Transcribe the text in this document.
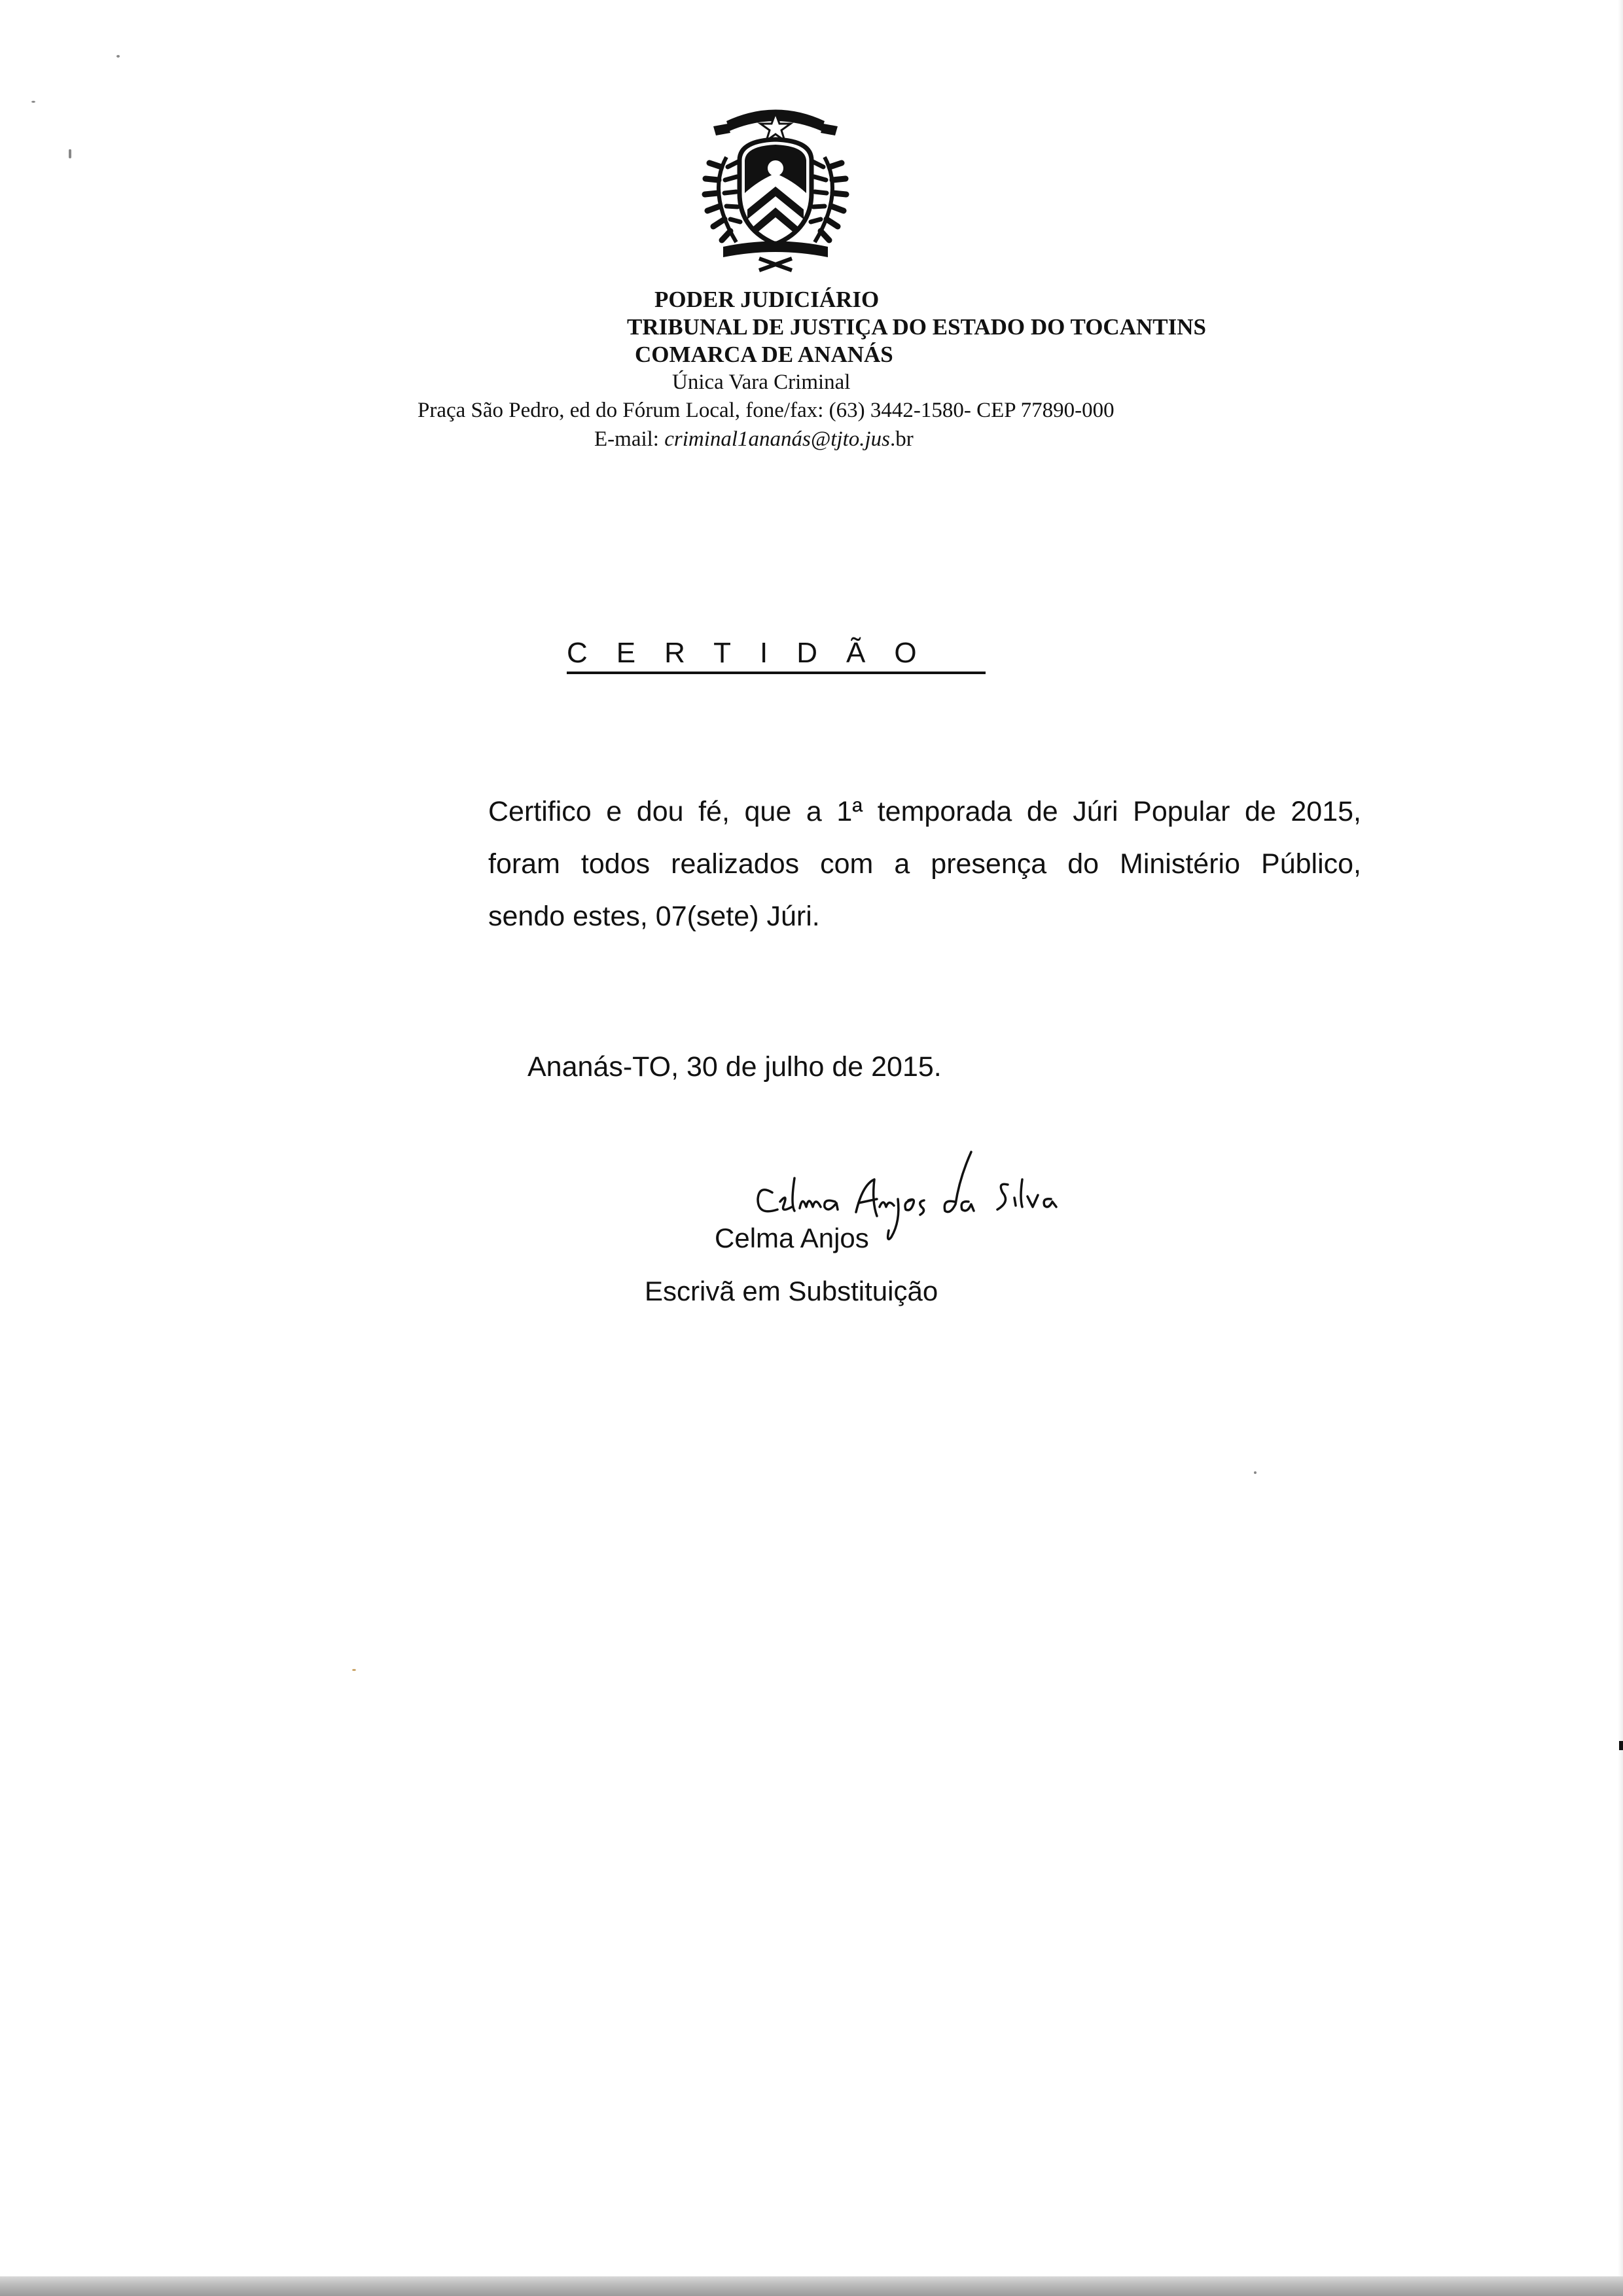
PODER JUDICIÁRIO
TRIBUNAL DE JUSTIÇA DO ESTADO DO TOCANTINS
COMARCA DE ANANÁS
Única Vara Criminal
Praça São Pedro, ed do Fórum Local, fone/fax: (63) 3442-1580- CEP 77890-000
E-mail: criminal1ananás@tjto.jus.br
CERTIDÃO
Certifico e dou fé, que a 1ª temporada de Júri Popular de 2015,
foram todos realizados com a presença do Ministério Público,
sendo estes, 07(sete) Júri.
Ananás-TO, 30 de julho de 2015.
Celma Anjos
Escrivã em Substituição
